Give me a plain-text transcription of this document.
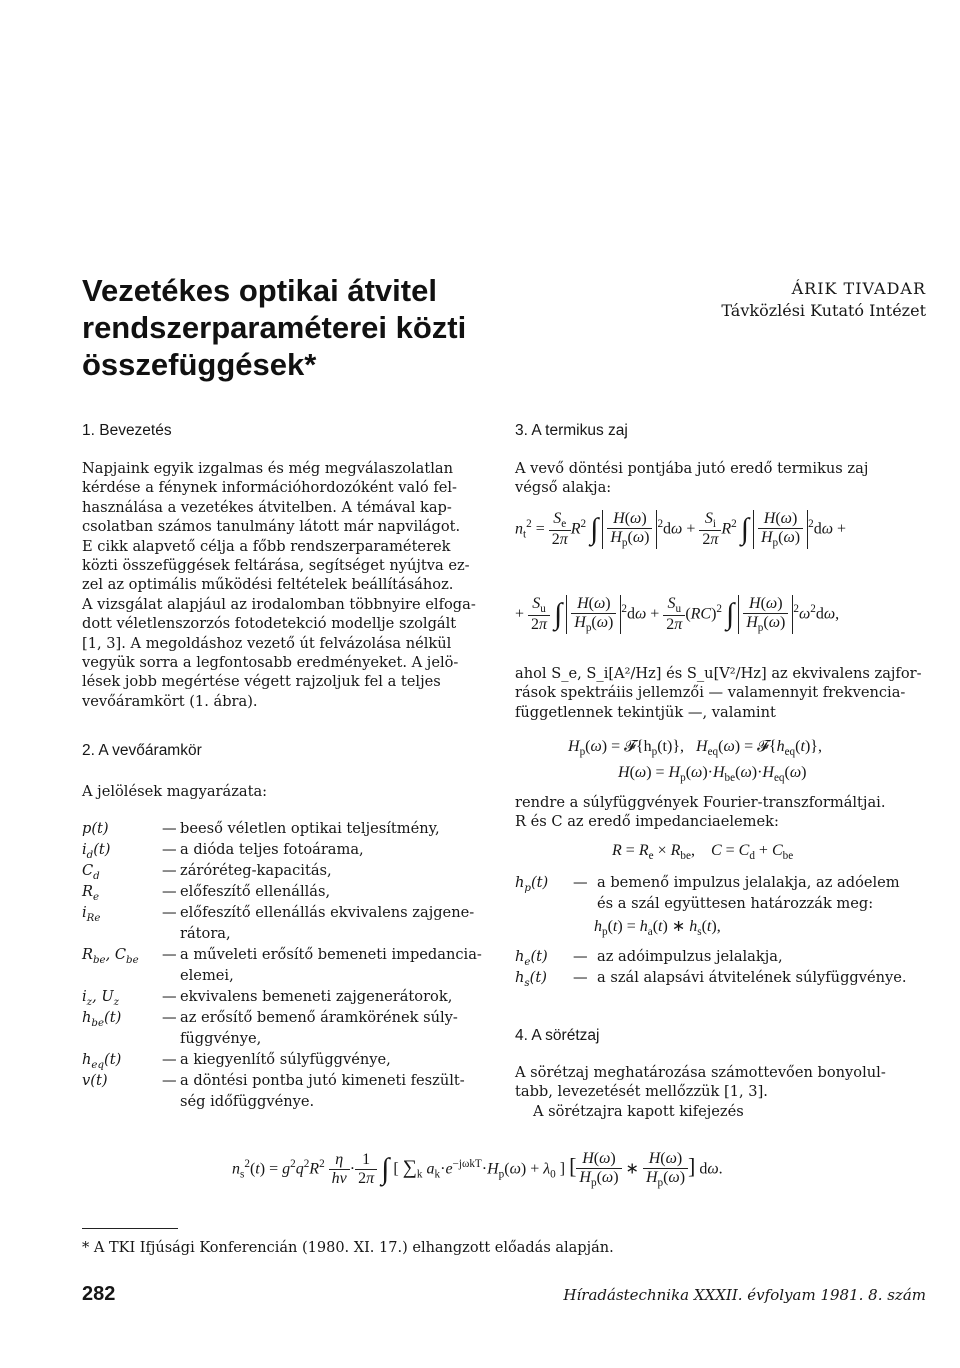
Vezetékes optikai átvitel
rendszerparaméterei közti
összefüggések*
ÁRIK TIVADAR
Távközlési Kutató Intézet
1. Bevezetés
Napjaink egyik izgalmas és még megválaszolatlan
kérdése a fénynek információhordozóként való fel-
használása a vezetékes átvitelben. A témával kap-
csolatban számos tanulmány látott már napvilágot.
E cikk alapvető célja a főbb rendszerparaméterek
közti összefüggések feltárása, segítséget nyújtva ez-
zel az optimális működési feltételek beállításához.
A vizsgálat alapjául az irodalomban többnyire elfoga-
dott véletlenszorzós fotodetekció modellje szolgált
[1, 3]. A megoldáshoz vezető út felvázolása nélkül
vegyük sorra a legfontosabb eredményeket. A jelö-
lések jobb megértése végett rajzoljuk fel a teljes
vevőáramkört (1. ábra).
2. A vevőáramkör
A jelölések magyarázata:
p(t)	— beeső véletlen optikai teljesítmény,
$i_d(t)$	— a dióda teljes fotoárama,
$C_d$	— záróréteg-kapacitás,
$R_e$	— előfeszítő ellenállás,
$i_{Re}$	— előfeszítő ellenállás ekvivalens zajgene-
rátora,
$R_{be}$, $C_{be}$	— a műveleti erősítő bemeneti impedancia-
elemei,
$i_z$, $U_z$	— ekvivalens bemeneti zajgenerátorok,
$h_{be}(t)$	— az erősítő bemenő áramkörének súly-
függvénye,
$h_{eq}(t)$	— a kiegyenlítő súlyfüggvénye,
v(t)	— a döntési pontba jutó kimeneti feszült-
ség időfüggvénye.
3. A termikus zaj
A vevő döntési pontjába jutó eredő termikus zaj
végső alakja:
$n_t^2 = \frac{S_e}{2\pi} R^2$ ∫ $\frac{H(\omega)}{H_p(\omega)} ^2d\omega + \frac{S_i}{2\pi} R^2$ ∫ $\frac{H(\omega)}{H_p(\omega)} ^2d\omega$ +
+ $\frac{S_u}{2\pi}$ ∫ $\frac{H(\omega)}{H_p(\omega)} ^2d\omega + \frac{S_u}{2\pi} (RC)^2$ ∫ $\frac{H(\omega)}{H_p(\omega)} ^2\omega^2d\omega$,
ahol S_e, S_i[A²/Hz] és S_u[V²/Hz] az ekvivalens zajfor-
rások spektráiis jellemzői — valamennyit frekvencia-
függetlennek tekintjük —, valamint
$H_p(\omega)$ = $𝓕\{h_p(t)\}$,   $H_{eq}(\omega)$ = $𝓕\{h_{eq}(t)\}$,
$H(\omega) = H_p(\omega)\cdot H_{be}(\omega)\cdot H_{eq}(\omega)$
rendre a súlyfüggvények Fourier-transzformáltjai.
R és C az eredő impedanciaelemek:
$R = R_e \times R_{be}$,    $C = C_d + C_{be}$
$h_p(t)$	— a bemenő impulzus jelalakja, az adóelem
és a szál együttesen határozzák meg:
$h_p(t) = h_a(t)$ ∗ $h_s(t)$,
$h_e(t)$	— az adóimpulzus jelalakja,
$h_s(t)$	— a szál alapsávi átvitelének súlyfüggvénye.
4. A sörétzaj
A sörétzaj meghatározása számottevően bonyolul-
tabb, levezetését mellőzzük [1, 3].
A sörétzajra kapott kifejezés
$n_s^2(t) = g^2q^2R^2 \frac{\eta}{h\nu} \cdot \frac{1}{2\pi}$ ∫ [ $\sum_k$ $a_k\cdot e^{-j\omega kT}\cdot H_p(\omega) + \lambda_0$ ] [ $\frac{H(\omega)}{H_p(\omega)}$ ∗ $\frac{H(\omega)}{H_p(\omega)}$ ] dω.
* A TKI Ifjúsági Konferencián (1980. XI. 17.) elhangzott előadás alapján.
282	Híradástechnika XXXII. évfolyam 1981. 8. szám
